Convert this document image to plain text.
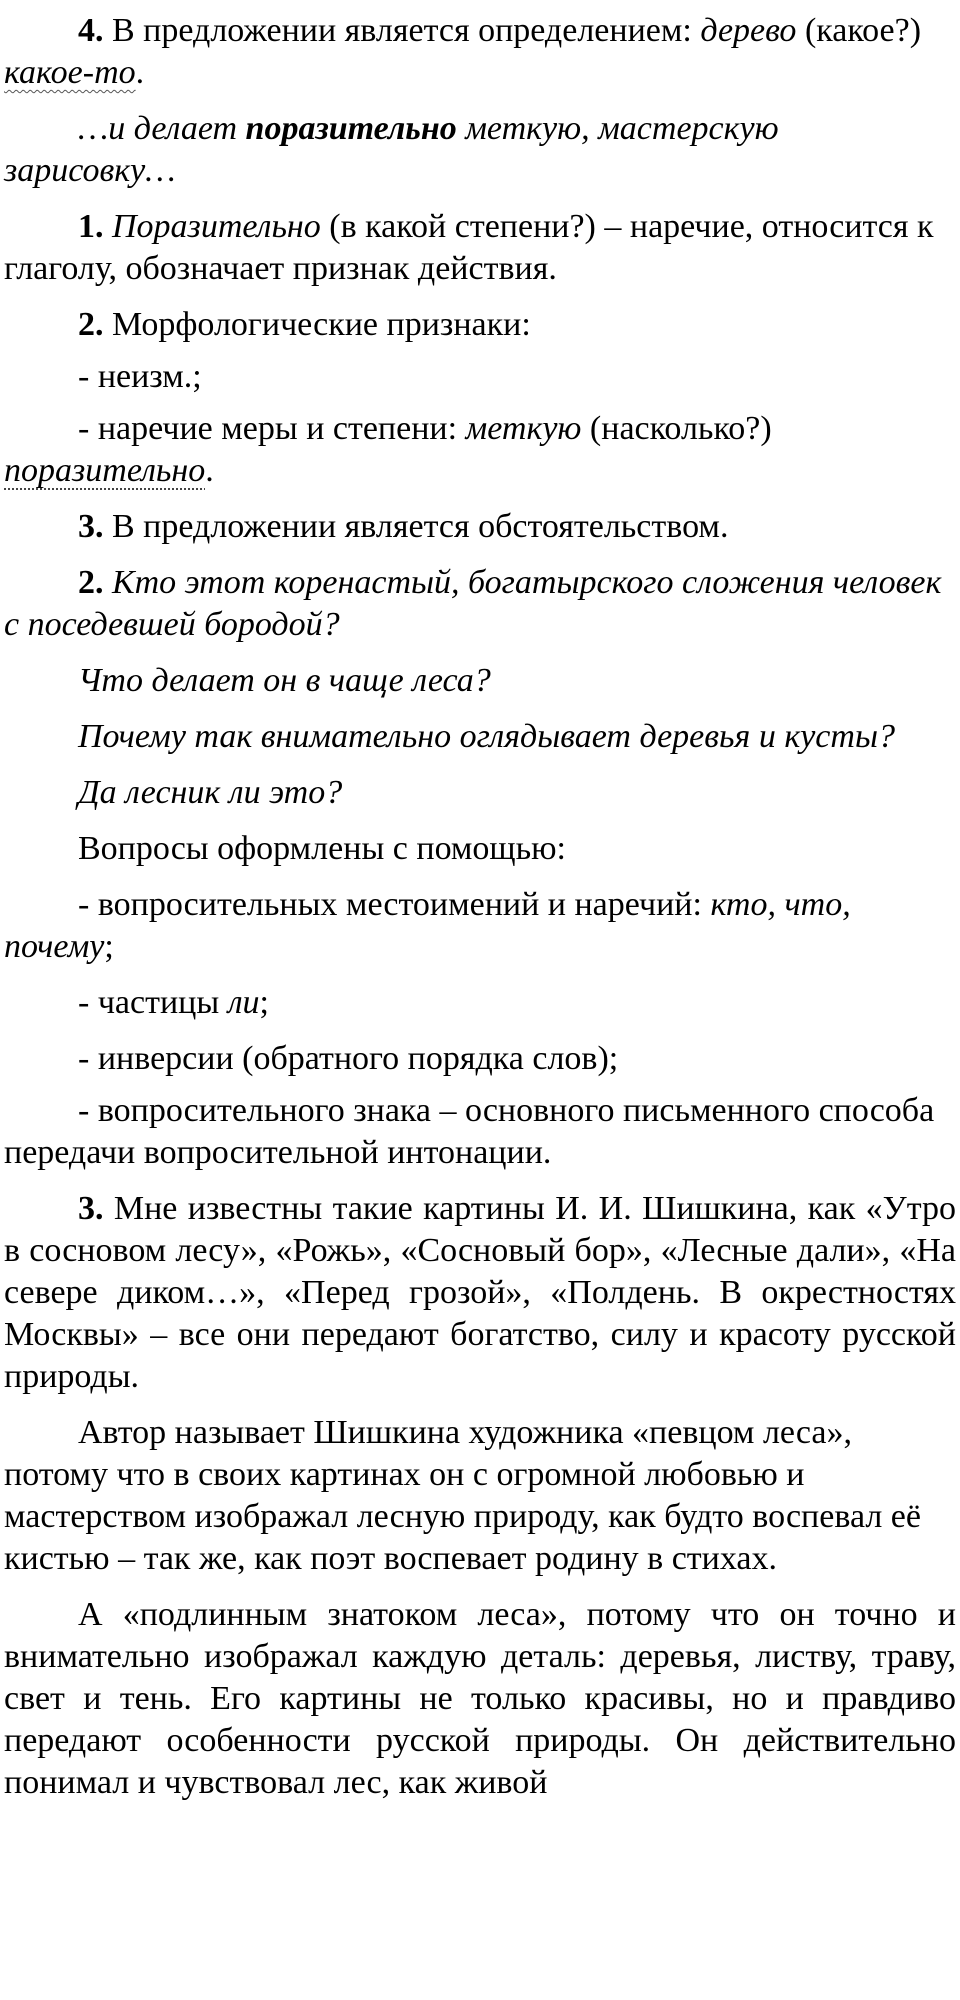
4. В предложении является определением: дерево (какое?) какое-то.

…и делает поразительно меткую, мастерскую зарисовку…

1. Поразительно (в какой степени?) – наречие, относится к глаголу, обозначает признак действия.

2. Морфологические признаки:

- неизм.;

- наречие меры и степени: меткую (насколько?) поразительно.

3. В предложении является обстоятельством.

2. Кто этот коренастый, богатырского сложения человек с поседевшей бородой?

Что делает он в чаще леса?

Почему так внимательно оглядывает деревья и кусты?

Да лесник ли это?

Вопросы оформлены с помощью:

- вопросительных местоимений и наречий: кто, что, почему;

- частицы ли;

- инверсии (обратного порядка слов);

- вопросительного знака – основного письменного способа передачи вопросительной интонации.

3. Мне известны такие картины И. И. Шишкина, как «Утро в сосновом лесу», «Рожь», «Сосновый бор», «Лесные дали», «На севере диком…», «Перед грозой», «Полдень. В окрестностях Москвы» – все они передают богатство, силу и красоту русской природы.

Автор называет Шишкина художника «певцом леса», потому что в своих картинах он с огромной любовью и мастерством изображал лесную природу, как будто воспевал её кистью – так же, как поэт воспевает родину в стихах.

А «подлинным знатоком леса», потому что он точно и внимательно изображал каждую деталь: деревья, листву, траву, свет и тень. Его картины не только красивы, но и правдиво передают особенности русской природы. Он действительно понимал и чувствовал лес, как живой
